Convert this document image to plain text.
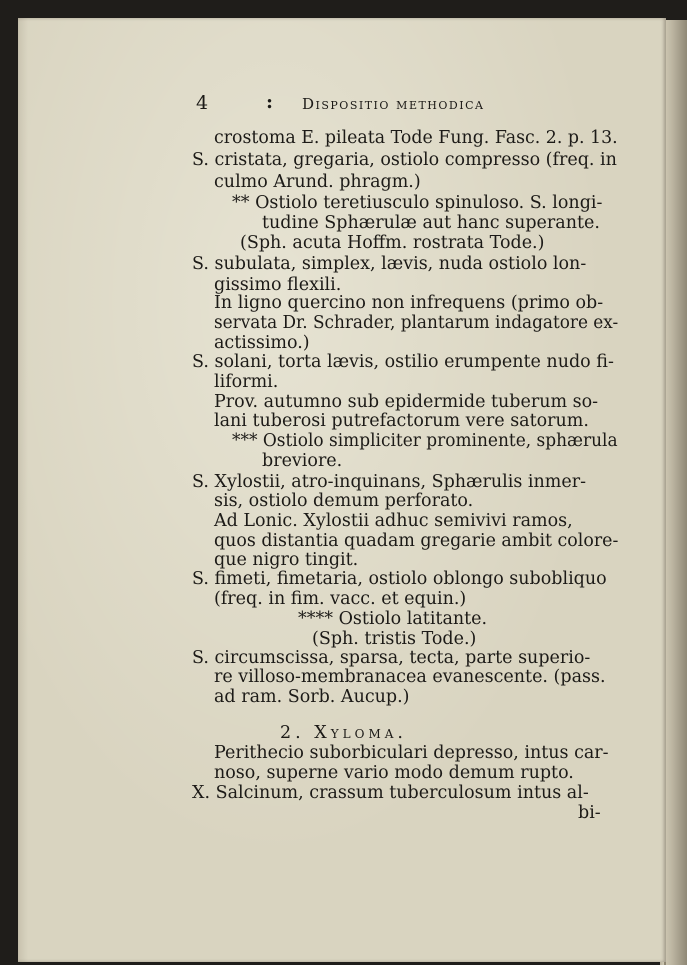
4	: Dispositio methodica
crostoma E. pileata Tode Fung. Fasc. 2. p. 13.
S. cristata, gregaria, ostiolo compresso (freq. in
culmo Arund. phragm.)
** Ostiolo teretiusculo spinuloso. S. longi-
tudine Sphærulæ aut hanc superante.
(Sph. acuta Hoffm. rostrata Tode.)
S. subulata, simplex, lævis, nuda ostiolo lon-
gissimo flexili.
In ligno quercino non infrequens (primo ob-
servata Dr. Schrader, plantarum indagatore ex-
actissimo.)
S. solani, torta lævis, ostilio erumpente nudo fi-
liformi.
Prov. autumno sub epidermide tuberum so-
lani tuberosi putrefactorum vere satorum.
*** Ostiolo simpliciter prominente, sphærula
breviore.
S. Xylostii, atro-inquinans, Sphærulis inmer-
sis, ostiolo demum perforato.
Ad Lonic. Xylostii adhuc semivivi ramos,
quos distantia quadam gregarie ambit colore-
que nigro tingit.
S. fimeti, fimetaria, ostiolo oblongo subobliquo
(freq. in fim. vacc. et equin.)
**** Ostiolo latitante.
(Sph. tristis Tode.)
S. circumscissa, sparsa, tecta, parte superio-
re villoso-membranacea evanescente. (pass.
ad ram. Sorb. Aucup.)
2. Xyloma.
Perithecio suborbiculari depresso, intus car-
noso, superne vario modo demum rupto.
X. Salcinum, crassum tuberculosum intus al-
bi-
